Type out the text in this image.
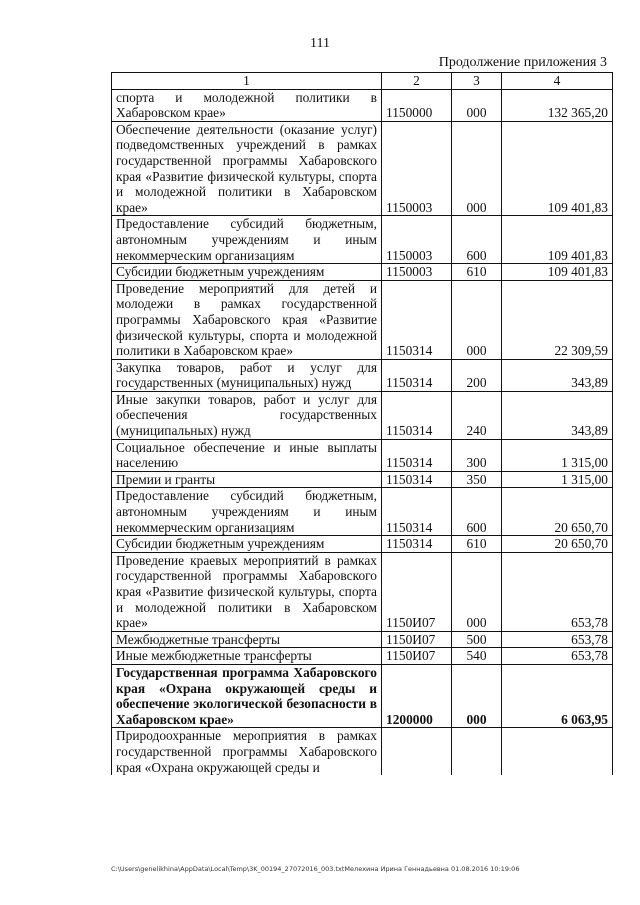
111
Продолжение приложения 3
1	2	3	4
спорта и молодежной политики в Хабаровском крае»	1150000	000	132 365,20
Обеспечение деятельности (оказание услуг) подведомственных учреждений в рамках государственной программы Хабаровского края «Развитие физической культуры, спорта и молодежной политики в Хабаровском крае»	1150003	000	109 401,83
Предоставление субсидий бюджетным, автономным учреждениям и иным некоммерческим организациям	1150003	600	109 401,83
Субсидии бюджетным учреждениям	1150003	610	109 401,83
Проведение мероприятий для детей и молодежи в рамках государственной программы Хабаровского края «Развитие физической культуры, спорта и молодежной политики в Хабаровском крае»	1150314	000	22 309,59
Закупка товаров, работ и услуг для государственных (муниципальных) нужд	1150314	200	343,89
Иные закупки товаров, работ и услуг для обеспечения государственных (муниципальных) нужд	1150314	240	343,89
Социальное обеспечение и иные выплаты населению	1150314	300	1 315,00
Премии и гранты	1150314	350	1 315,00
Предоставление субсидий бюджетным, автономным учреждениям и иным некоммерческим организациям	1150314	600	20 650,70
Субсидии бюджетным учреждениям	1150314	610	20 650,70
Проведение краевых мероприятий в рамках государственной программы Хабаровского края «Развитие физической культуры, спорта и молодежной политики в Хабаровском крае»	1150И07	000	653,78
Межбюджетные трансферты	1150И07	500	653,78
Иные межбюджетные трансферты	1150И07	540	653,78
Государственная программа Хабаровского края «Охрана окружающей среды и обеспечение экологической безопасности в Хабаровском крае»	1200000	000	6 063,95
Природоохранные мероприятия в рамках государственной программы Хабаровского края «Охрана окружающей среды и			
C:\Users\genelikhina\AppData\Local\Temp\3K_00194_27072016_003.txtМелехина Ирина Геннадьевна 01.08.2016 10:19:06
